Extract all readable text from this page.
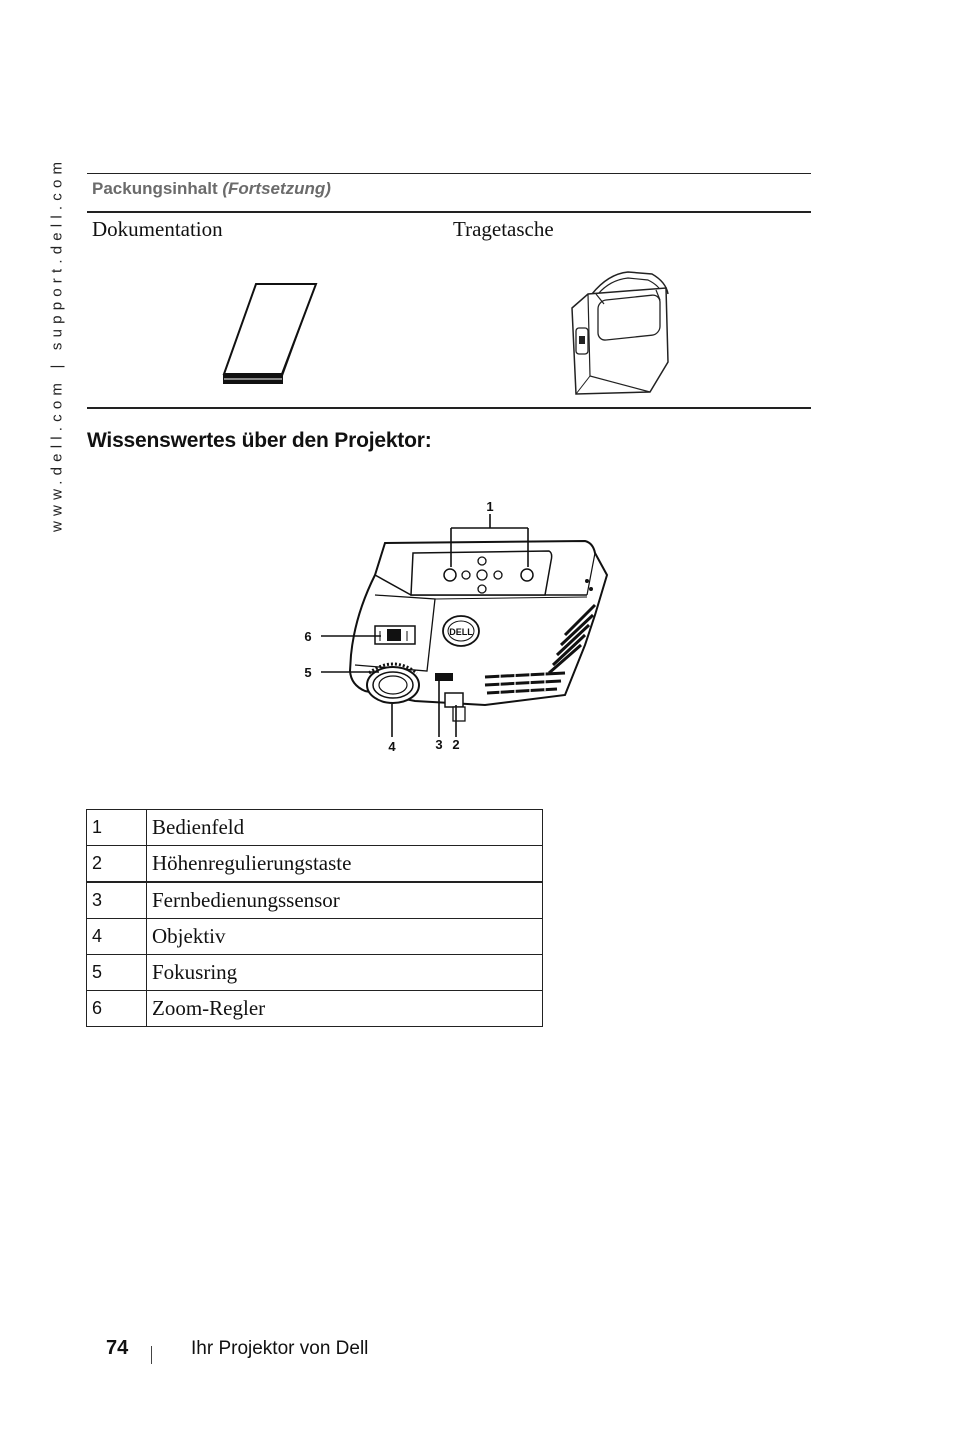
www.dell.com | support.dell.com Packungsinhalt (Fortsetzung)
Dokumentation	Tragetasche
Wissenswertes über den Projektor:
DELL
1
2
3
4
5
6
1	Bedienfeld
2	Höhenregulierungstaste
3	Fernbedienungssensor
4	Objektiv
5	Fokusring
6	Zoom-Regler
74	Ihr Projektor von Dell
